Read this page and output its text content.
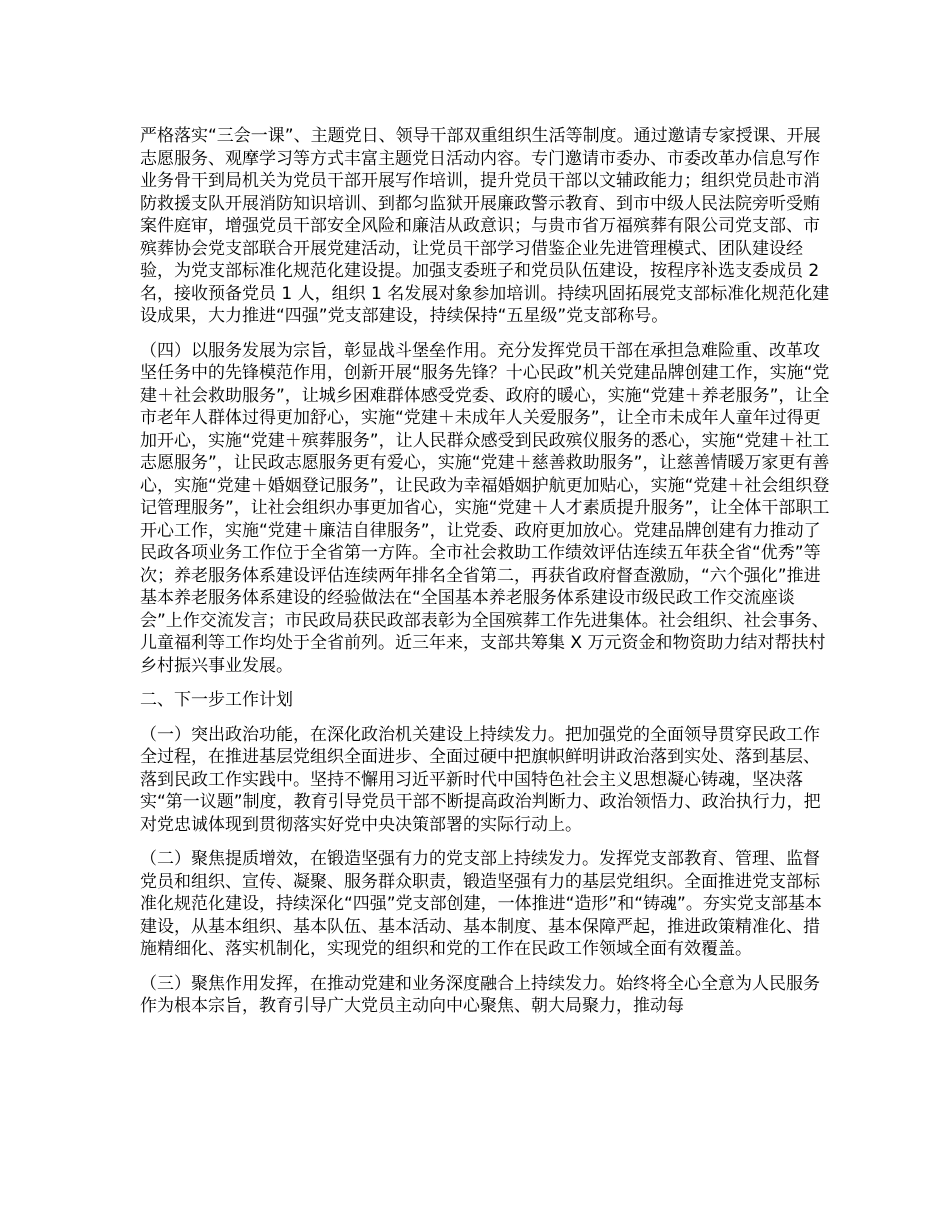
严格落实“三会一课”、主题党日、领导干部双重组织生活等制度。通过邀请专家授课、开展志愿服务、观摩学习等方式丰富主题党日活动内容。专门邀请市委办、市委改革办信息写作业务骨干到局机关为党员干部开展写作培训，提升党员干部以文辅政能力；组织党员赴市消防救援支队开展消防知识培训、到都匀监狱开展廉政警示教育、到市中级人民法院旁听受贿案件庭审，增强党员干部安全风险和廉洁从政意识；与贵市省万福殡葬有限公司党支部、市殡葬协会党支部联合开展党建活动，让党员干部学习借鉴企业先进管理模式、团队建设经验，为党支部标准化规范化建设提。加强支委班子和党员队伍建设，按程序补选支委成员 2 名，接收预备党员 1 人，组织 1 名发展对象参加培训。持续巩固拓展党支部标准化规范化建设成果，大力推进“四强”党支部建设，持续保持“五星级”党支部称号。

（四）以服务发展为宗旨，彰显战斗堡垒作用。充分发挥党员干部在承担急难险重、改革攻坚任务中的先锋模范作用，创新开展“服务先锋？十心民政”机关党建品牌创建工作，实施“党建＋社会救助服务”，让城乡困难群体感受党委、政府的暖心，实施“党建＋养老服务”，让全市老年人群体过得更加舒心，实施“党建＋未成年人关爱服务”，让全市未成年人童年过得更加开心，实施“党建＋殡葬服务”，让人民群众感受到民政殡仪服务的悉心，实施“党建＋社工志愿服务”，让民政志愿服务更有爱心，实施“党建＋慈善救助服务”，让慈善情暖万家更有善心，实施“党建＋婚姻登记服务”，让民政为幸福婚姻护航更加贴心，实施“党建＋社会组织登记管理服务”，让社会组织办事更加省心，实施“党建＋人才素质提升服务”，让全体干部职工开心工作，实施“党建＋廉洁自律服务”，让党委、政府更加放心。党建品牌创建有力推动了民政各项业务工作位于全省第一方阵。全市社会救助工作绩效评估连续五年获全省“优秀”等次；养老服务体系建设评估连续两年排名全省第二，再获省政府督查激励，“六个强化”推进基本养老服务体系建设的经验做法在“全国基本养老服务体系建设市级民政工作交流座谈会”上作交流发言；市民政局获民政部表彰为全国殡葬工作先进集体。社会组织、社会事务、儿童福利等工作均处于全省前列。近三年来，支部共筹集 X 万元资金和物资助力结对帮扶村乡村振兴事业发展。

二、下一步工作计划

（一）突出政治功能，在深化政治机关建设上持续发力。把加强党的全面领导贯穿民政工作全过程，在推进基层党组织全面进步、全面过硬中把旗帜鲜明讲政治落到实处、落到基层、落到民政工作实践中。坚持不懈用习近平新时代中国特色社会主义思想凝心铸魂，坚决落实“第一议题”制度，教育引导党员干部不断提高政治判断力、政治领悟力、政治执行力，把对党忠诚体现到贯彻落实好党中央决策部署的实际行动上。

（二）聚焦提质增效，在锻造坚强有力的党支部上持续发力。发挥党支部教育、管理、监督党员和组织、宣传、凝聚、服务群众职责，锻造坚强有力的基层党组织。全面推进党支部标准化规范化建设，持续深化“四强”党支部创建，一体推进“造形”和“铸魂”。夯实党支部基本建设，从基本组织、基本队伍、基本活动、基本制度、基本保障严起，推进政策精准化、措施精细化、落实机制化，实现党的组织和党的工作在民政工作领域全面有效覆盖。

（三）聚焦作用发挥，在推动党建和业务深度融合上持续发力。始终将全心全意为人民服务作为根本宗旨，教育引导广大党员主动向中心聚焦、朝大局聚力，推动每
